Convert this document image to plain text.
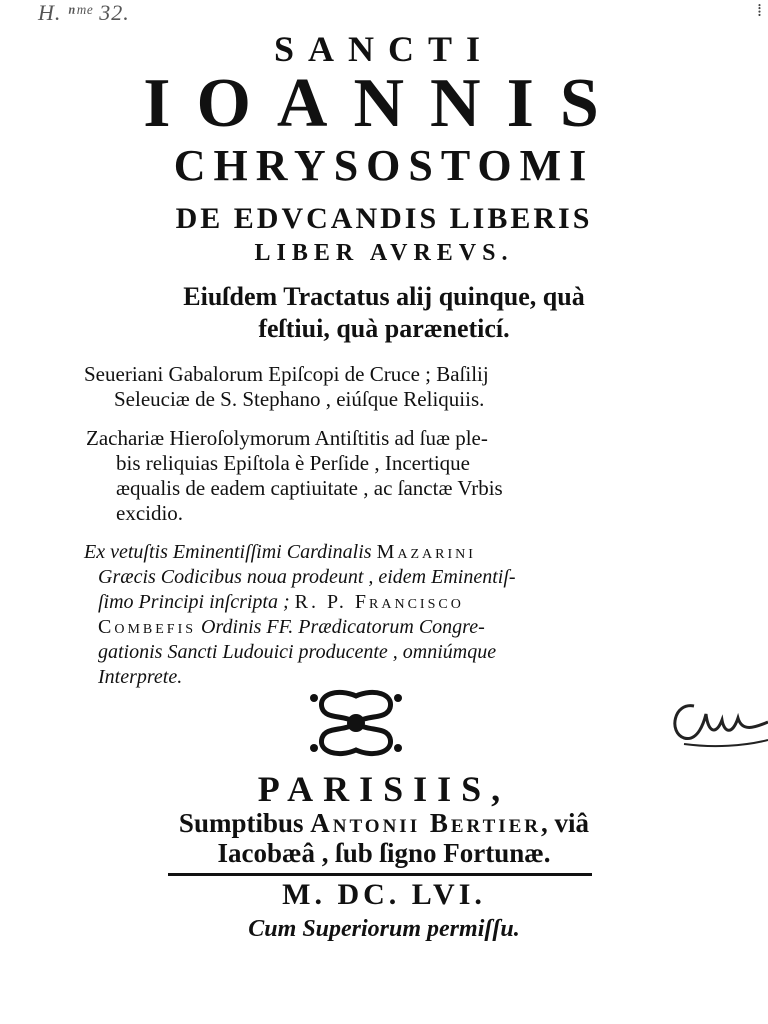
H. ⁿᵐᵉ 32.	⁞
SANCTI
IOANNIS
CHRYSOSTOMI
DE EDVCANDIS LIBERIS
LIBER AVREVS.
Eiuſdem Tractatus alij quinque, quà
feſtiui, quà paræneticí.
Seueriani Gabalorum Epiſcopi de Cruce ; Baſilij
Seleuciæ de S. Stephano , eiúſque Reliquiis.
Zachariæ Hieroſolymorum Antiſtitis ad ſuæ ple-
bis reliquias Epiſtola è Perſide , Incertique
æqualis de eadem captiuitate , ac ſanctæ Vrbis
excidio.
Ex vetuſtis Eminentiſſimi Cardinalis Mazarini
Græcis Codicibus noua prodeunt , eidem Eminentiſ-
ſimo Principi inſcripta ; R. P. Francisco
Combefis Ordinis FF. Prædicatorum Congre-
gationis Sancti Ludouici producente , omniúmque
Interprete.
PARISIIS,
Sumptibus Antonii Bertier, viâ
Iacobæâ , ſub ſigno Fortunæ.
M. DC. LVI.
Cum Superiorum permiſſu.
